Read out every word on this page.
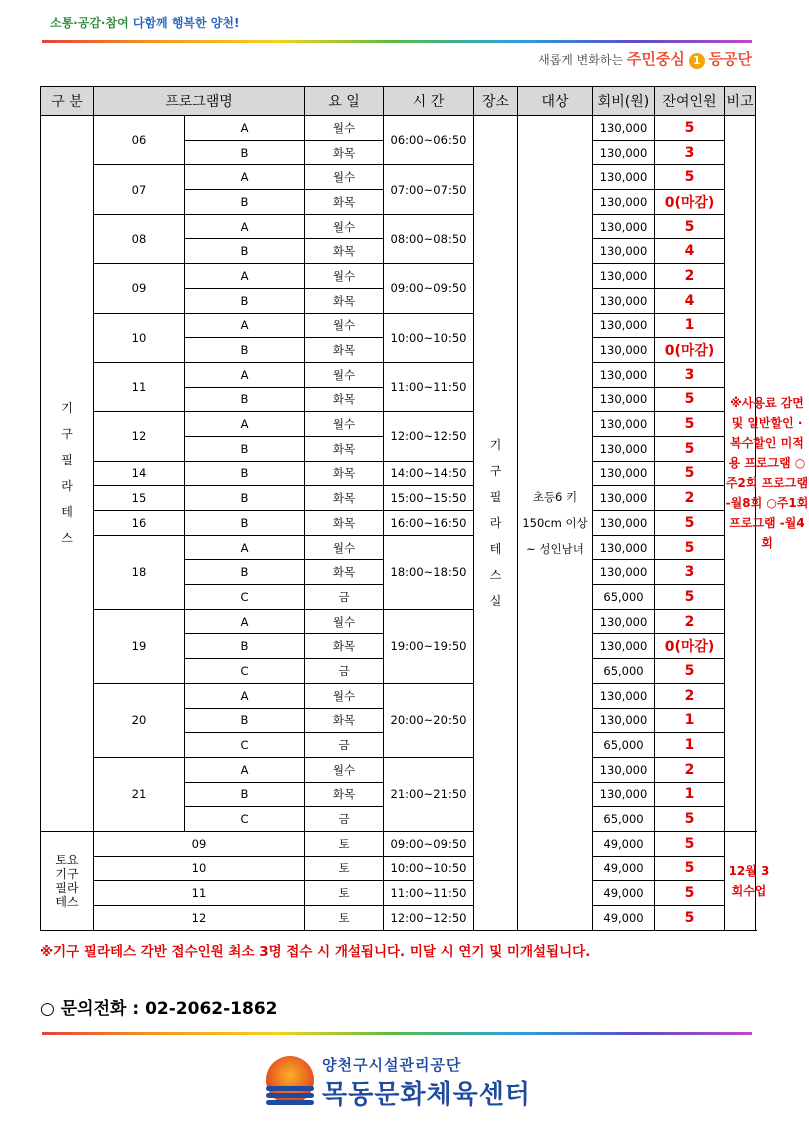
소통·공감·참여 다함께 행복한 양천!
새롭게 변화하는 주민중심 1 등공단
구 분	프로그램명		요 일	시 간	장소	대상	회비(원)	잔여인원	비고
기 구 필 라 테 스	06	A	월수	06:00~06:50	기 구 필 라 테 스 실	초등6 키150cm 이상~ 성인남녀	130,000	5	※사용료 감면 및 일반할인 · 복수할인 미적용 프로그램 ○주2회 프로그램 -월8회 ○주1회 프로그램 -월4회
		B	화목				130,000	3	
	07	A	월수	07:00~07:50			130,000	5	
		B	화목				130,000	0(마감)	
	08	A	월수	08:00~08:50			130,000	5	
		B	화목				130,000	4	
	09	A	월수	09:00~09:50			130,000	2	
		B	화목				130,000	4	
	10	A	월수	10:00~10:50			130,000	1	
		B	화목				130,000	0(마감)	
	11	A	월수	11:00~11:50			130,000	3	
		B	화목				130,000	5	
	12	A	월수	12:00~12:50			130,000	5	
		B	화목				130,000	5	
	14	B	화목	14:00~14:50			130,000	5	
	15	B	화목	15:00~15:50			130,000	2	
	16	B	화목	16:00~16:50			130,000	5	
	18	A	월수	18:00~18:50			130,000	5	
		B	화목				130,000	3	
		C	금				65,000	5	
	19	A	월수	19:00~19:50			130,000	2	
		B	화목				130,000	0(마감)	
		C	금				65,000	5	
	20	A	월수	20:00~20:50			130,000	2	
		B	화목				130,000	1	
		C	금				65,000	1	
	21	A	월수	21:00~21:50			130,000	2	
		B	화목				130,000	1	
		C	금				65,000	5	
토요 기구 필라 테스	09		토	09:00~09:50			49,000	5	12월 3회수업
	10		토	10:00~10:50			49,000	5	
	11		토	11:00~11:50			49,000	5	
	12		토	12:00~12:50			49,000	5	
※기구 필라테스 각반 접수인원 최소 3명 접수 시 개설됩니다. 미달 시 연기 및 미개설됩니다.
○ 문의전화 : 02-2062-1862
양천구시설관리공단
목동문화체육센터
